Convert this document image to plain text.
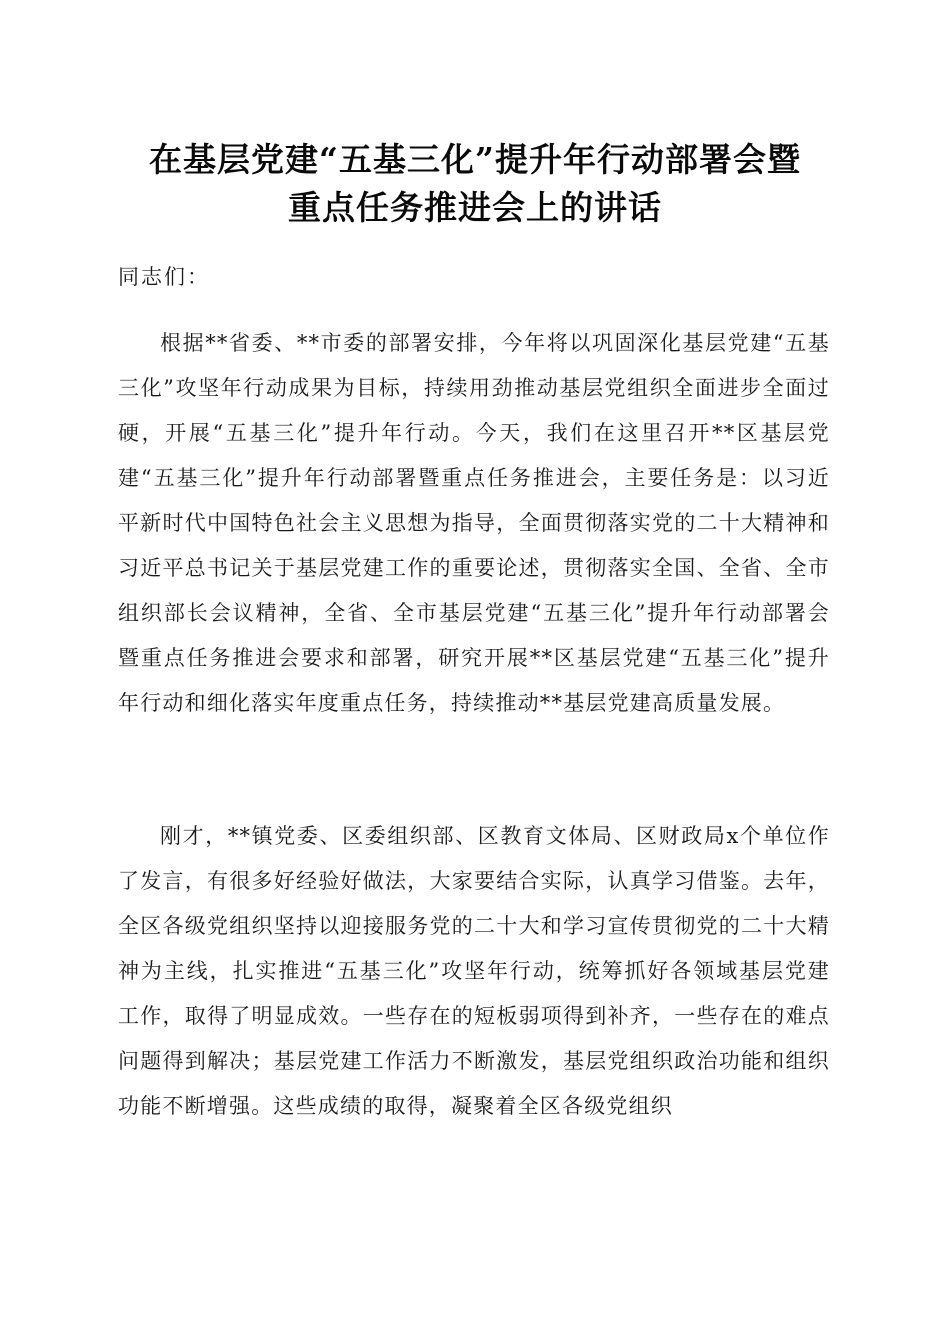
在基层党建“五基三化”提升年行动部署会暨
重点任务推进会上的讲话
同志们：
根据**省委、**市委的部署安排，今年将以巩固深化基层党建“五基三化”攻坚年行动成果为目标，持续用劲推动基层党组织全面进步全面过硬，开展“五基三化”提升年行动。今天，我们在这里召开**区基层党建“五基三化”提升年行动部署暨重点任务推进会，主要任务是：以习近平新时代中国特色社会主义思想为指导，全面贯彻落实党的二十大精神和习近平总书记关于基层党建工作的重要论述，贯彻落实全国、全省、全市组织部长会议精神，全省、全市基层党建“五基三化”提升年行动部署会暨重点任务推进会要求和部署，研究开展**区基层党建“五基三化”提升年行动和细化落实年度重点任务，持续推动**基层党建高质量发展。
刚才，**镇党委、区委组织部、区教育文体局、区财政局x个单位作了发言，有很多好经验好做法，大家要结合实际，认真学习借鉴。去年，全区各级党组织坚持以迎接服务党的二十大和学习宣传贯彻党的二十大精神为主线，扎实推进“五基三化”攻坚年行动，统筹抓好各领域基层党建工作，取得了明显成效。一些存在的短板弱项得到补齐，一些存在的难点问题得到解决；基层党建工作活力不断激发，基层党组织政治功能和组织功能不断增强。这些成绩的取得，凝聚着全区各级党组织
